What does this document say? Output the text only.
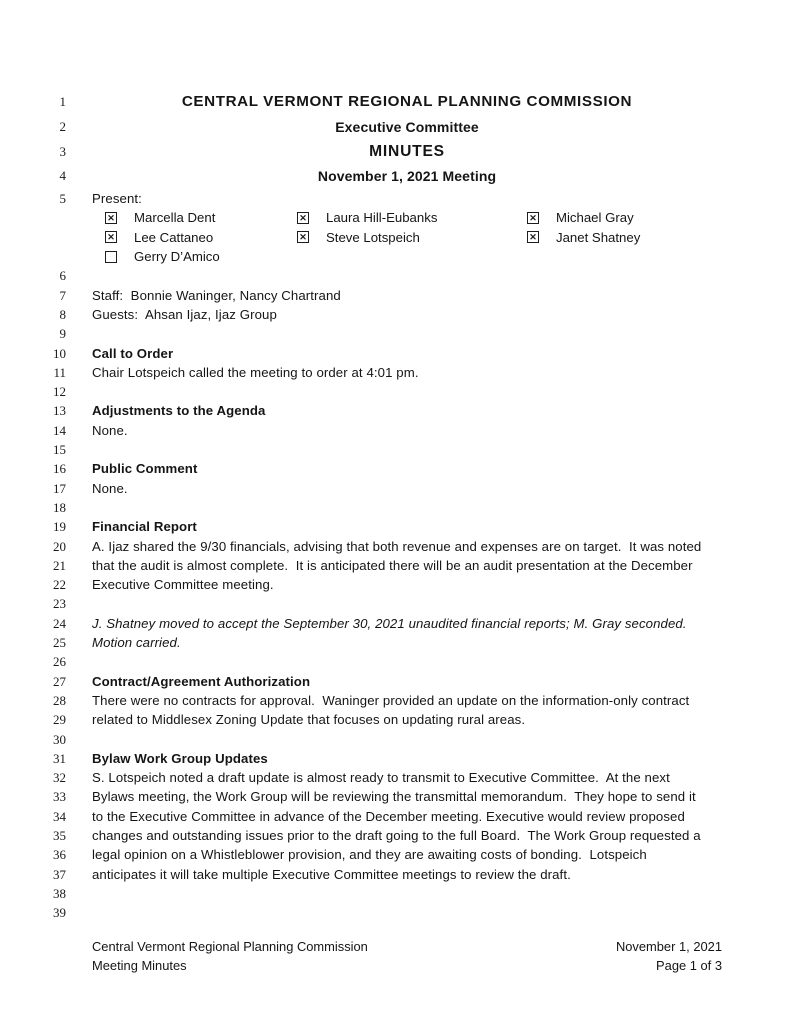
1	CENTRAL VERMONT REGIONAL PLANNING COMMISSION
2	Executive Committee
3	MINUTES
4	November 1, 2021 Meeting
5 Present:
✕ Marcella Dent	✕ Laura Hill-Eubanks	✕ Michael Gray
✕ Lee Cattaneo	✕ Steve Lotspeich	✕ Janet Shatney
Gerry D’Amico
6
7 Staff:  Bonnie Waninger, Nancy Chartrand
8 Guests:  Ahsan Ijaz, Ijaz Group
9
10 Call to Order
11 Chair Lotspeich called the meeting to order at 4:01 pm.
12
13 Adjustments to the Agenda
14 None.
15
16 Public Comment
17 None.
18
19 Financial Report
20 A. Ijaz shared the 9/30 financials, advising that both revenue and expenses are on target.  It was noted
21 that the audit is almost complete.  It is anticipated there will be an audit presentation at the December
22 Executive Committee meeting.
23
24 J. Shatney moved to accept the September 30, 2021 unaudited financial reports; M. Gray seconded.
25 Motion carried.
26
27 Contract/Agreement Authorization
28 There were no contracts for approval.  Waninger provided an update on the information-only contract
29 related to Middlesex Zoning Update that focuses on updating rural areas.
30
31 Bylaw Work Group Updates
32 S. Lotspeich noted a draft update is almost ready to transmit to Executive Committee.  At the next
33 Bylaws meeting, the Work Group will be reviewing the transmittal memorandum.  They hope to send it
34 to the Executive Committee in advance of the December meeting. Executive would review proposed
35 changes and outstanding issues prior to the draft going to the full Board.  The Work Group requested a
36 legal opinion on a Whistleblower provision, and they are awaiting costs of bonding.  Lotspeich
37 anticipates it will take multiple Executive Committee meetings to review the draft.
38
39
Central Vermont Regional Planning Commission
Meeting Minutes
November 1, 2021
Page 1 of 3
